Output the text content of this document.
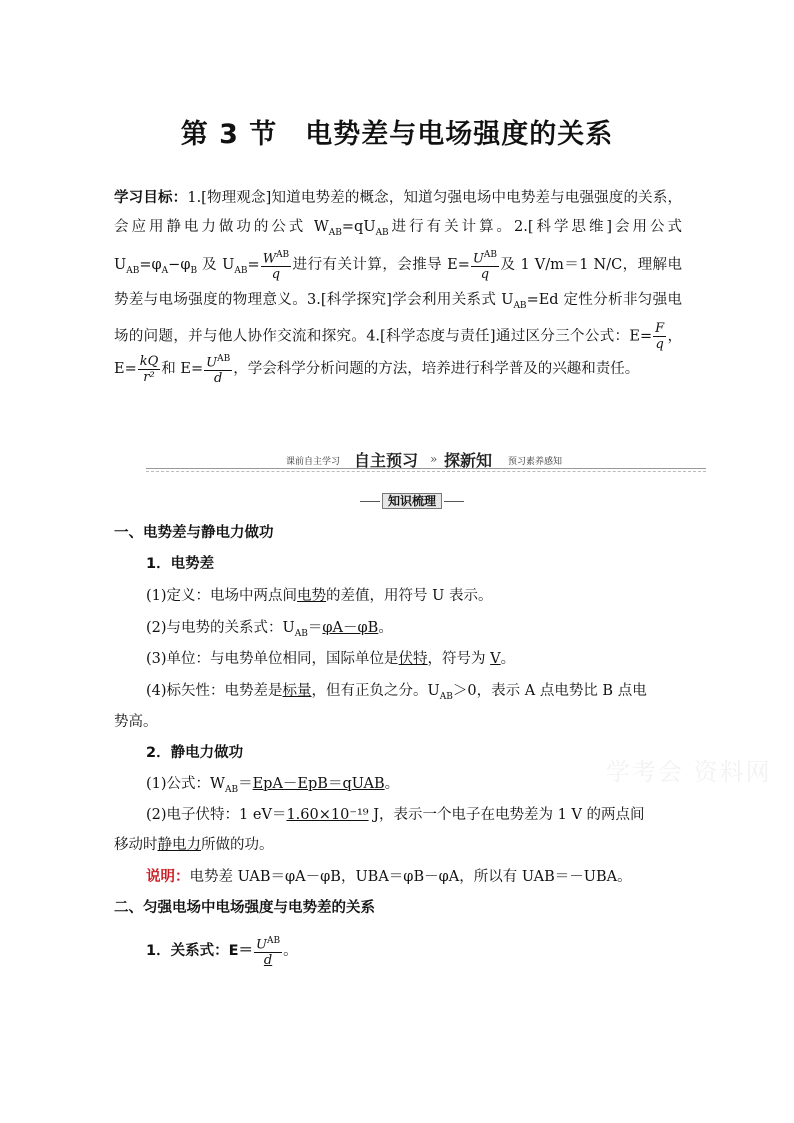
第 3 节　电势差与电场强度的关系
学习目标：1.[物理观念]知道电势差的概念，知道匀强电场中电势差与电强强度的关系，会应用静电力做功的公式 $W_{AB}=qU_{AB}$进行有关计算。2.[科学思维]会用公式 $U_{AB}=\varphi_A-\varphi_B$ 及 $U_{AB}= \frac{W^{AB}}{q}$ 进行有关计算，会推导 $E= \frac{U^{AB}}{q}$ 及 1 V/m＝1 N/C，理解电势差与电场强度的物理意义。3.[科学探究]学会利用关系式 $U_{AB}=Ed$ 定性分析非匀强电场的问题，并与他人协作交流和探究。4.[科学态度与责任]通过区分三个公式：$E= \frac{F}{q}$ ，$E= \frac{kQ}{\text{r²}}$ 和 $E= \frac{U^{AB}}{d}$ ，学会科学分析问题的方法，培养进行科学普及的兴趣和责任。
课前自主学习 自主预习 » 探新知 预习素养感知
知识梳理
一、电势差与静电力做功
1．电势差
(1)定义：电场中两点间电势的差值，用符号 U 表示。
(2)与电势的关系式：$U_{AB}=\varphi A-\varphi B$。
(3)单位：与电势单位相同，国际单位是伏特，符号为 V。
(4)标矢性：电势差是标量，但有正负之分。$U_{AB}>0$，表示 A 点电势比 B 点电
势高。
2．静电力做功
(1)公式：$W_{AB}=EpA-EpB=qUAB$。
(2)电子伏特：1 eV＝1.60×10⁻¹⁹ J，表示一个电子在电势差为 1 V 的两点间
移动时静电力所做的功。
说明：电势差 UAB＝φA－φB，UBA＝φB－φA，所以有 UAB＝－UBA。
二、匀强电场中电场强度与电势差的关系
1．关系式：$E= \frac{U^{AB}}{d}$ 。
学考会 资料网
